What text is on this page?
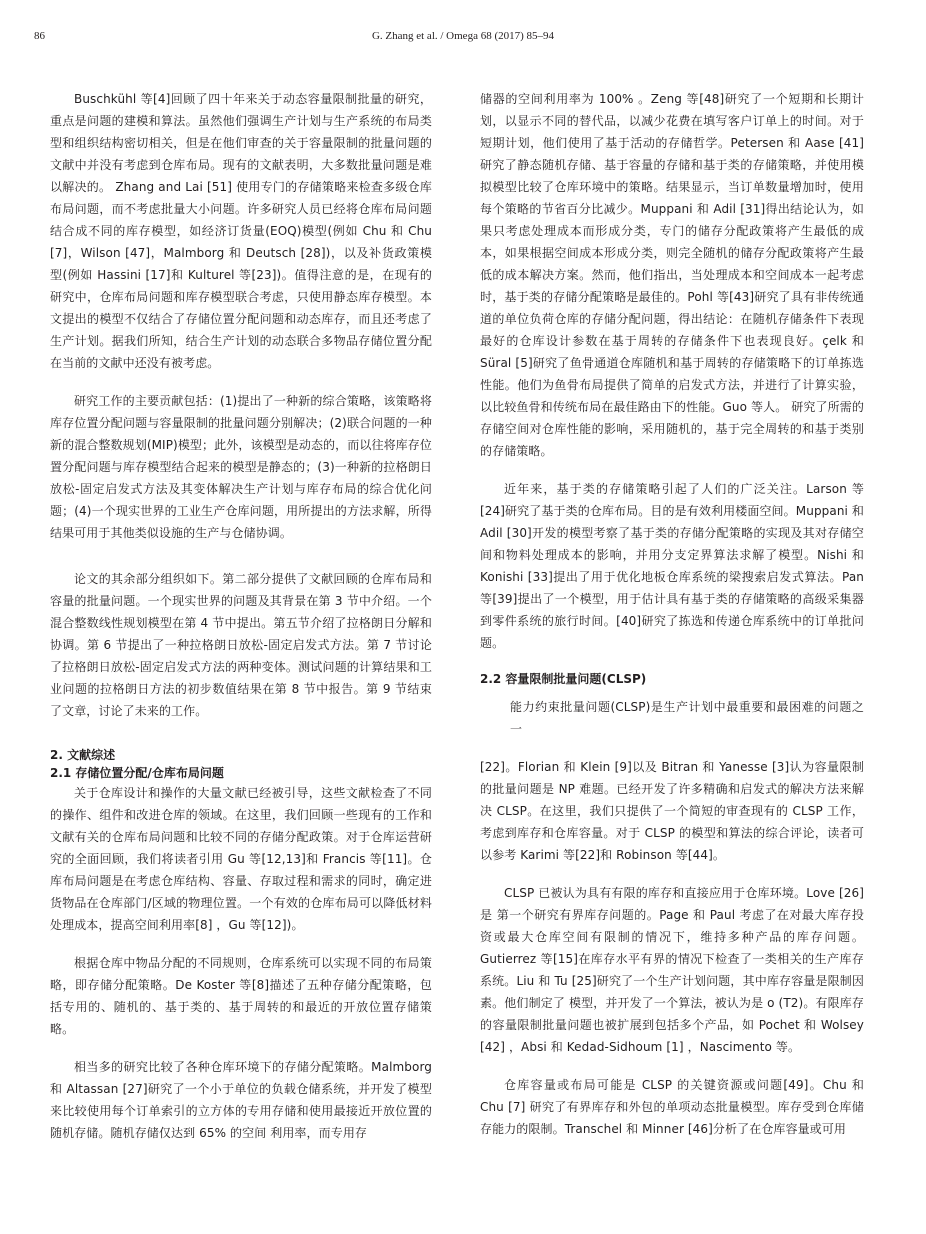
86	G. Zhang et al. / Omega 68 (2017) 85–94

Buschkühl 等[4]回顾了四十年来关于动态容量限制批量的研究，重点是问题的建模和算法。虽然他们强调生产计划与生产系统的布局类型和组织结构密切相关，但是在他们审查的关于容量限制的批量问题的文献中并没有考虑到仓库布局。现有的文献表明，大多数批量问题是难以解决的。 Zhang and Lai [51] 使用专门的存储策略来检查多级仓库布局问题，而不考虑批量大小问题。许多研究人员已经将仓库布局问题结合成不同的库存模型，如经济订货量(EOQ)模型(例如 Chu 和 Chu [7]，Wilson [47]，Malmborg 和 Deutsch [28])，以及补货政策模型(例如 Hassini [17]和 Kulturel 等[23])。值得注意的是，在现有的研究中，仓库布局问题和库存模型联合考虑，只使用静态库存模型。本文提出的模型不仅结合了存储位置分配问题和动态库存，而且还考虑了生产计划。据我们所知，结合生产计划的动态联合多物品存储位置分配在当前的文献中还没有被考虑。

研究工作的主要贡献包括：(1)提出了一种新的综合策略，该策略将库存位置分配问题与容量限制的批量问题分别解决；(2)联合问题的一种新的混合整数规划(MIP)模型；此外，该模型是动态的，而以往将库存位置分配问题与库存模型结合起来的模型是静态的；(3)一种新的拉格朗日放松-固定启发式方法及其变体解决生产计划与库存布局的综合优化问题；(4)一个现实世界的工业生产仓库问题，用所提出的方法求解，所得结果可用于其他类似设施的生产与仓储协调。

论文的其余部分组织如下。第二部分提供了文献回顾的仓库布局和容量的批量问题。一个现实世界的问题及其背景在第 3 节中介绍。一个混合整数线性规划模型在第 4 节中提出。第五节介绍了拉格朗日分解和协调。第 6 节提出了一种拉格朗日放松-固定启发式方法。第 7 节讨论了拉格朗日放松-固定启发式方法的两种变体。测试问题的计算结果和工业问题的拉格朗日方法的初步数值结果在第 8 节中报告。第 9 节结束了文章，讨论了未来的工作。

2. 文献综述
2.1 存储位置分配/仓库布局问题

关于仓库设计和操作的大量文献已经被引导，这些文献检查了不同的操作、组件和改进仓库的领域。在这里，我们回顾一些现有的工作和文献有关的仓库布局问题和比较不同的存储分配政策。对于仓库运营研究的全面回顾，我们将读者引用 Gu 等[12,13]和 Francis 等[11]。仓库布局问题是在考虑仓库结构、容量、存取过程和需求的同时，确定进货物品在仓库部门/区域的物理位置。一个有效的仓库布局可以降低材料处理成本，提高空间利用率[8] ，Gu 等[12])。

根据仓库中物品分配的不同规则，仓库系统可以实现不同的布局策略，即存储分配策略。De Koster 等[8]描述了五种存储分配策略，包括专用的、随机的、基于类的、基于周转的和最近的开放位置存储策略。

相当多的研究比较了各种仓库环境下的存储分配策略。Malmborg 和 Altassan [27]研究了一个小于单位的负载仓储系统，并开发了模型来比较使用每个订单索引的立方体的专用存储和使用最接近开放位置的随机存储。随机存储仅达到 65% 的空间 利用率，而专用存

储器的空间利用率为 100% 。Zeng 等[48]研究了一个短期和长期计划，以显示不同的替代品，以减少花费在填写客户订单上的时间。对于短期计划，他们使用了基于活动的存储哲学。Petersen 和 Aase [41]研究了静态随机存储、基于容量的存储和基于类的存储策略，并使用模拟模型比较了仓库环境中的策略。结果显示，当订单数量增加时，使用每个策略的节省百分比减少。Muppani 和 Adil [31]得出结论认为，如果只考虑处理成本而形成分类，专门的储存分配政策将产生最低的成本，如果根据空间成本形成分类，则完全随机的储存分配政策将产生最低的成本解决方案。然而，他们指出，当处理成本和空间成本一起考虑时，基于类的存储分配策略是最佳的。Pohl 等[43]研究了具有非传统通道的单位负荷仓库的存储分配问题，得出结论：在随机存储条件下表现最好的仓库设计参数在基于周转的存储条件下也表现良好。çelk 和 Süral [5]研究了鱼骨通道仓库随机和基于周转的存储策略下的订单拣选性能。他们为鱼骨布局提供了简单的启发式方法，并进行了计算实验，以比较鱼骨和传统布局在最佳路由下的性能。Guo 等人。 研究了所需的存储空间对仓库性能的影响，采用随机的，基于完全周转的和基于类别的存储策略。

近年来，基于类的存储策略引起了人们的广泛关注。Larson 等[24]研究了基于类的仓库布局。目的是有效利用楼面空间。Muppani 和 Adil [30]开发的模型考察了基于类的存储分配策略的实现及其对存储空间和物料处理成本的影响，并用分支定界算法求解了模型。Nishi 和 Konishi [33]提出了用于优化地板仓库系统的梁搜索启发式算法。Pan 等[39]提出了一个模型，用于估计具有基于类的存储策略的高级采集器到零件系统的旅行时间。[40]研究了拣选和传递仓库系统中的订单批问题。

2.2 容量限制批量问题(CLSP)

能力约束批量问题(CLSP)是生产计划中最重要和最困难的问题之一

[22]。Florian 和 Klein [9]以及 Bitran 和 Yanesse [3]认为容量限制的批量问题是 NP 难题。已经开发了许多精确和启发式的解决方法来解决 CLSP。在这里，我们只提供了一个简短的审查现有的 CLSP 工作，考虑到库存和仓库容量。对于 CLSP 的模型和算法的综合评论，读者可以参考 Karimi 等[22]和 Robinson 等[44]。

CLSP 已被认为具有有限的库存和直接应用于仓库环境。Love [26] 是 第一个研究有界库存问题的。Page 和 Paul 考虑了在对最大库存投资或最大仓库空间有限制的情况下，维持多种产品的库存问题。Gutierrez 等[15]在库存水平有界的情况下检查了一类相关的生产库存系统。Liu 和 Tu [25]研究了一个生产计划问题，其中库存容量是限制因素。他们制定了 模型，并开发了一个算法，被认为是 o (T2)。有限库存的容量限制批量问题也被扩展到包括多个产品，如 Pochet 和 Wolsey [42] ，Absi 和 Kedad-Sidhoum [1] ，Nascimento 等。

仓库容量或布局可能是 CLSP 的关键资源或问题[49]。Chu 和 Chu [7] 研究了有界库存和外包的单项动态批量模型。库存受到仓库储存能力的限制。Transchel 和 Minner [46]分析了在仓库容量或可用
